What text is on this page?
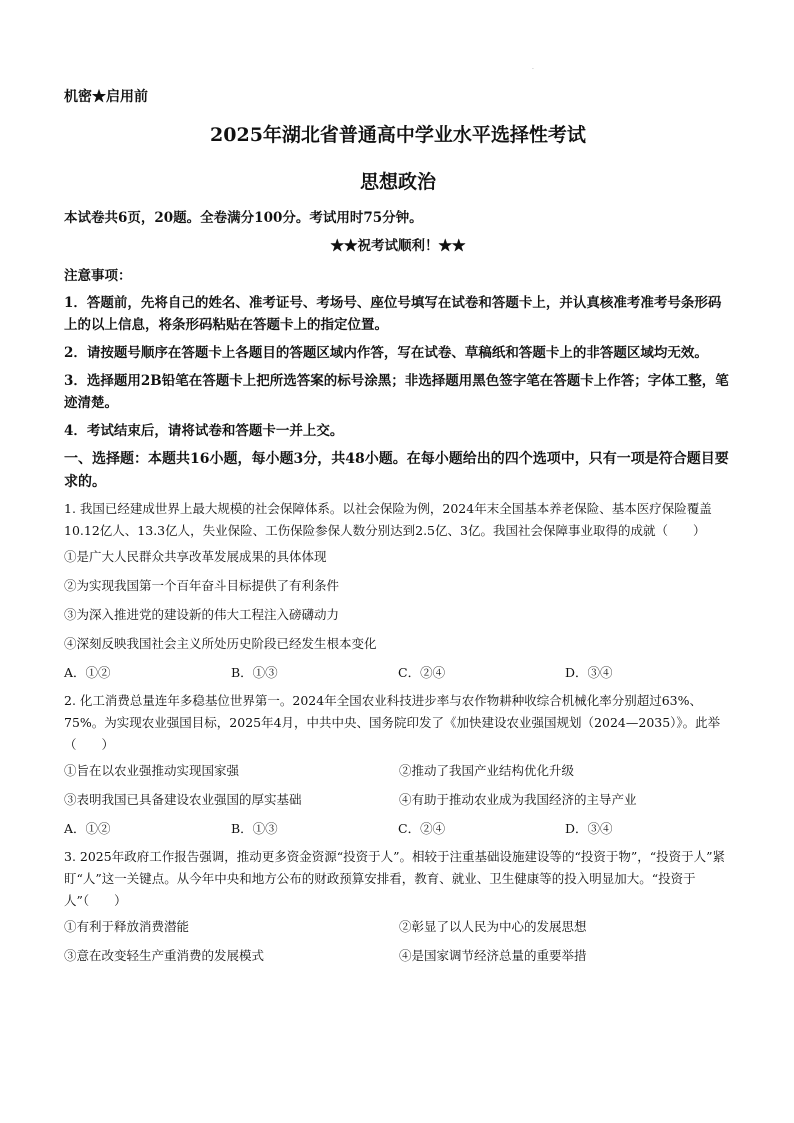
·

机密★启用前

2025年湖北省普通高中学业水平选择性考试

思想政治

本试卷共6页，20题。全卷满分100分。考试用时75分钟。

★★祝考试顺利！★★

注意事项：

1．答题前，先将自己的姓名、准考证号、考场号、座位号填写在试卷和答题卡上，并认真核准考准考号条形码上的以上信息，将条形码粘贴在答题卡上的指定位置。

2．请按题号顺序在答题卡上各题目的答题区域内作答，写在试卷、草稿纸和答题卡上的非答题区域均无效。

3．选择题用2B铅笔在答题卡上把所选答案的标号涂黑；非选择题用黑色签字笔在答题卡上作答；字体工整，笔迹清楚。

4．考试结束后，请将试卷和答题卡一并上交。

一、选择题：本题共16小题，每小题3分，共48小题。在每小题给出的四个选项中，只有一项是符合题目要求的。

1. 我国已经建成世界上最大规模的社会保障体系。以社会保险为例，2024年末全国基本养老保险、基本医疗保险覆盖10.12亿人、13.3亿人，失业保险、工伤保险参保人数分别达到2.5亿、3亿。我国社会保障事业取得的成就（　　）

①是广大人民群众共享改革发展成果的具体体现

②为实现我国第一个百年奋斗目标提供了有利条件

③为深入推进党的建设新的伟大工程注入磅礴动力

④深刻反映我国社会主义所处历史阶段已经发生根本变化

A．①②	B．①③	C．②④	D．③④

2. 化工消费总量连年多稳基位世界第一。2024年全国农业科技进步率与农作物耕种收综合机械化率分别超过63%、75%。为实现农业强国目标，2025年4月，中共中央、国务院印发了《加快建设农业强国规划（2024—2035）》。此举（　　）

①旨在以农业强推动实现国家强	②推动了我国产业结构优化升级

③表明我国已具备建设农业强国的厚实基础	④有助于推动农业成为我国经济的主导产业

A．①②	B．①③	C．②④	D．③④

3. 2025年政府工作报告强调，推动更多资金资源“投资于人”。相较于注重基础设施建设等的“投资于物”，“投资于人”紧盯“人”这一关键点。从今年中央和地方公布的财政预算安排看，教育、就业、卫生健康等的投入明显加大。“投资于人”（　　）

①有利于释放消费潜能	②彰显了以人民为中心的发展思想

③意在改变轻生产重消费的发展模式	④是国家调节经济总量的重要举措
